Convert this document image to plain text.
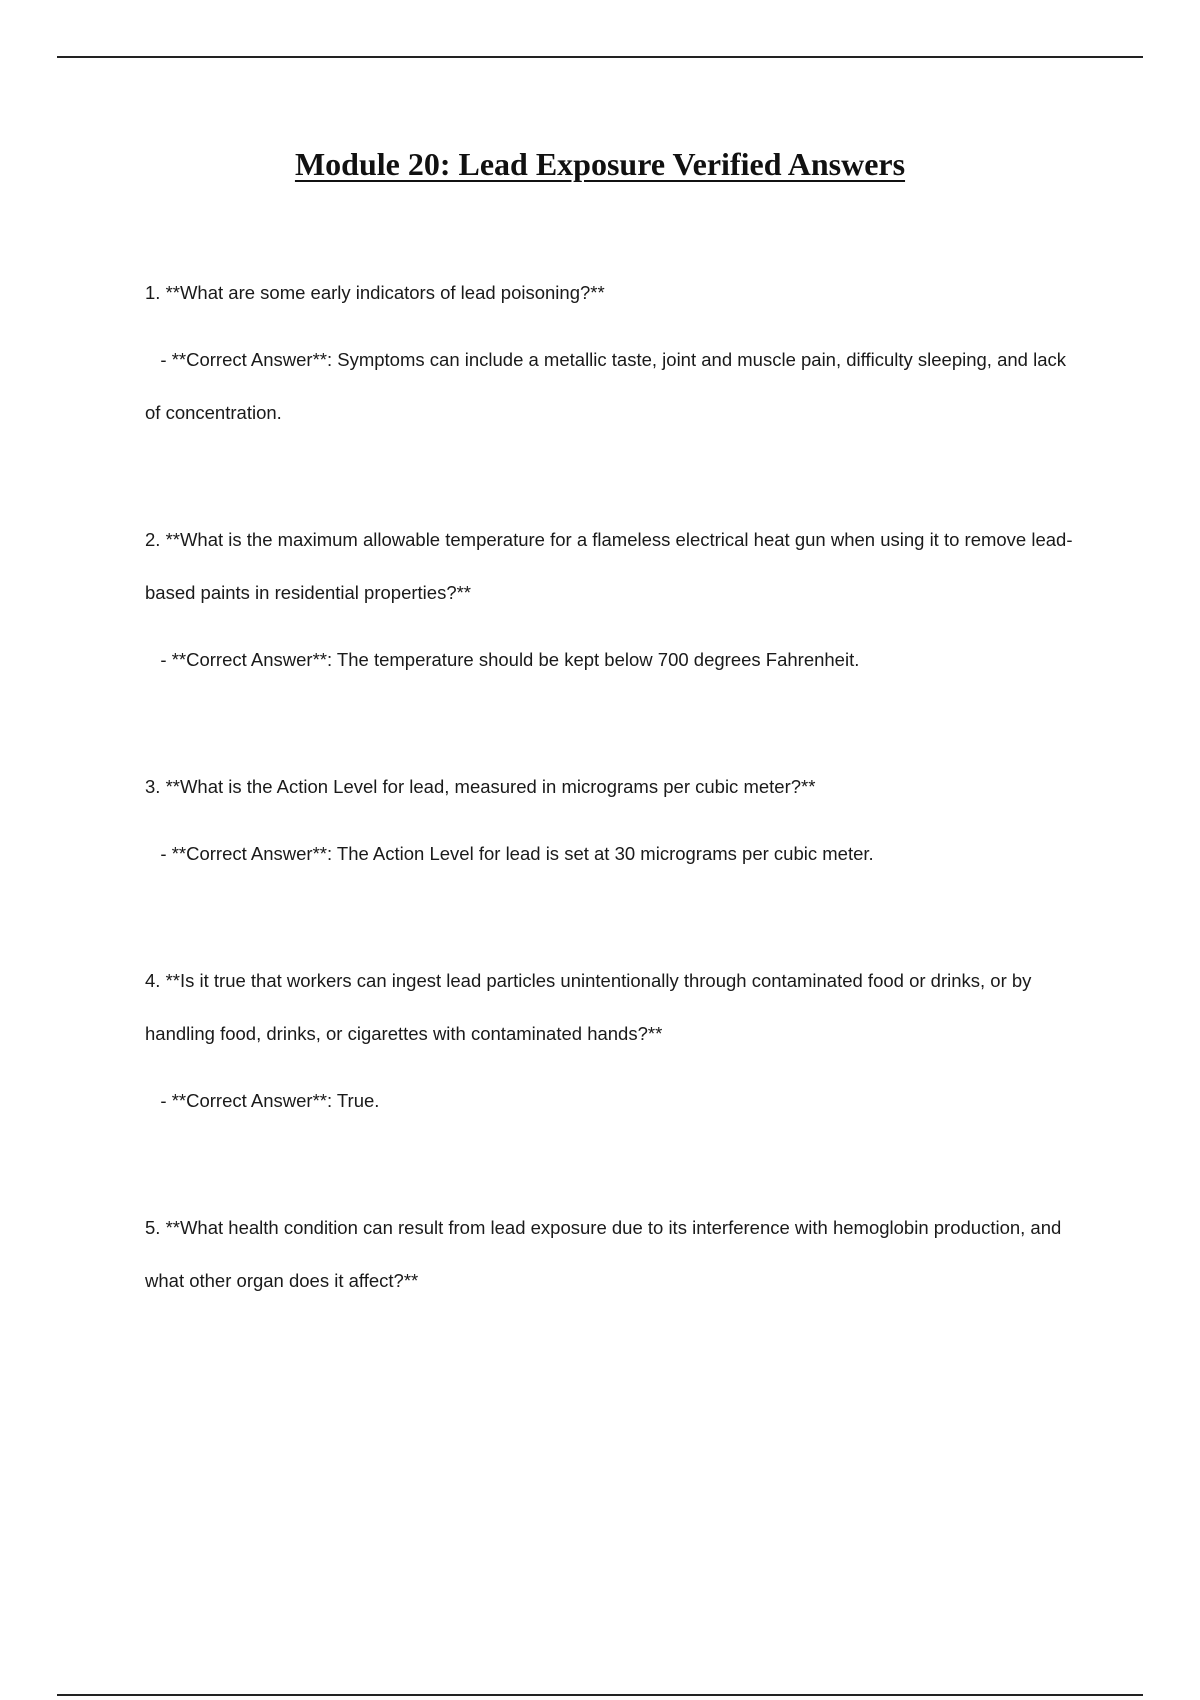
Module 20: Lead Exposure Verified Answers

1. **What are some early indicators of lead poisoning?**

- **Correct Answer**: Symptoms can include a metallic taste, joint and muscle pain, difficulty sleeping, and lack of concentration.

2. **What is the maximum allowable temperature for a flameless electrical heat gun when using it to remove lead-based paints in residential properties?**

- **Correct Answer**: The temperature should be kept below 700 degrees Fahrenheit.

3. **What is the Action Level for lead, measured in micrograms per cubic meter?**

- **Correct Answer**: The Action Level for lead is set at 30 micrograms per cubic meter.

4. **Is it true that workers can ingest lead particles unintentionally through contaminated food or drinks, or by handling food, drinks, or cigarettes with contaminated hands?**

- **Correct Answer**: True.

5. **What health condition can result from lead exposure due to its interference with hemoglobin production, and what other organ does it affect?**
